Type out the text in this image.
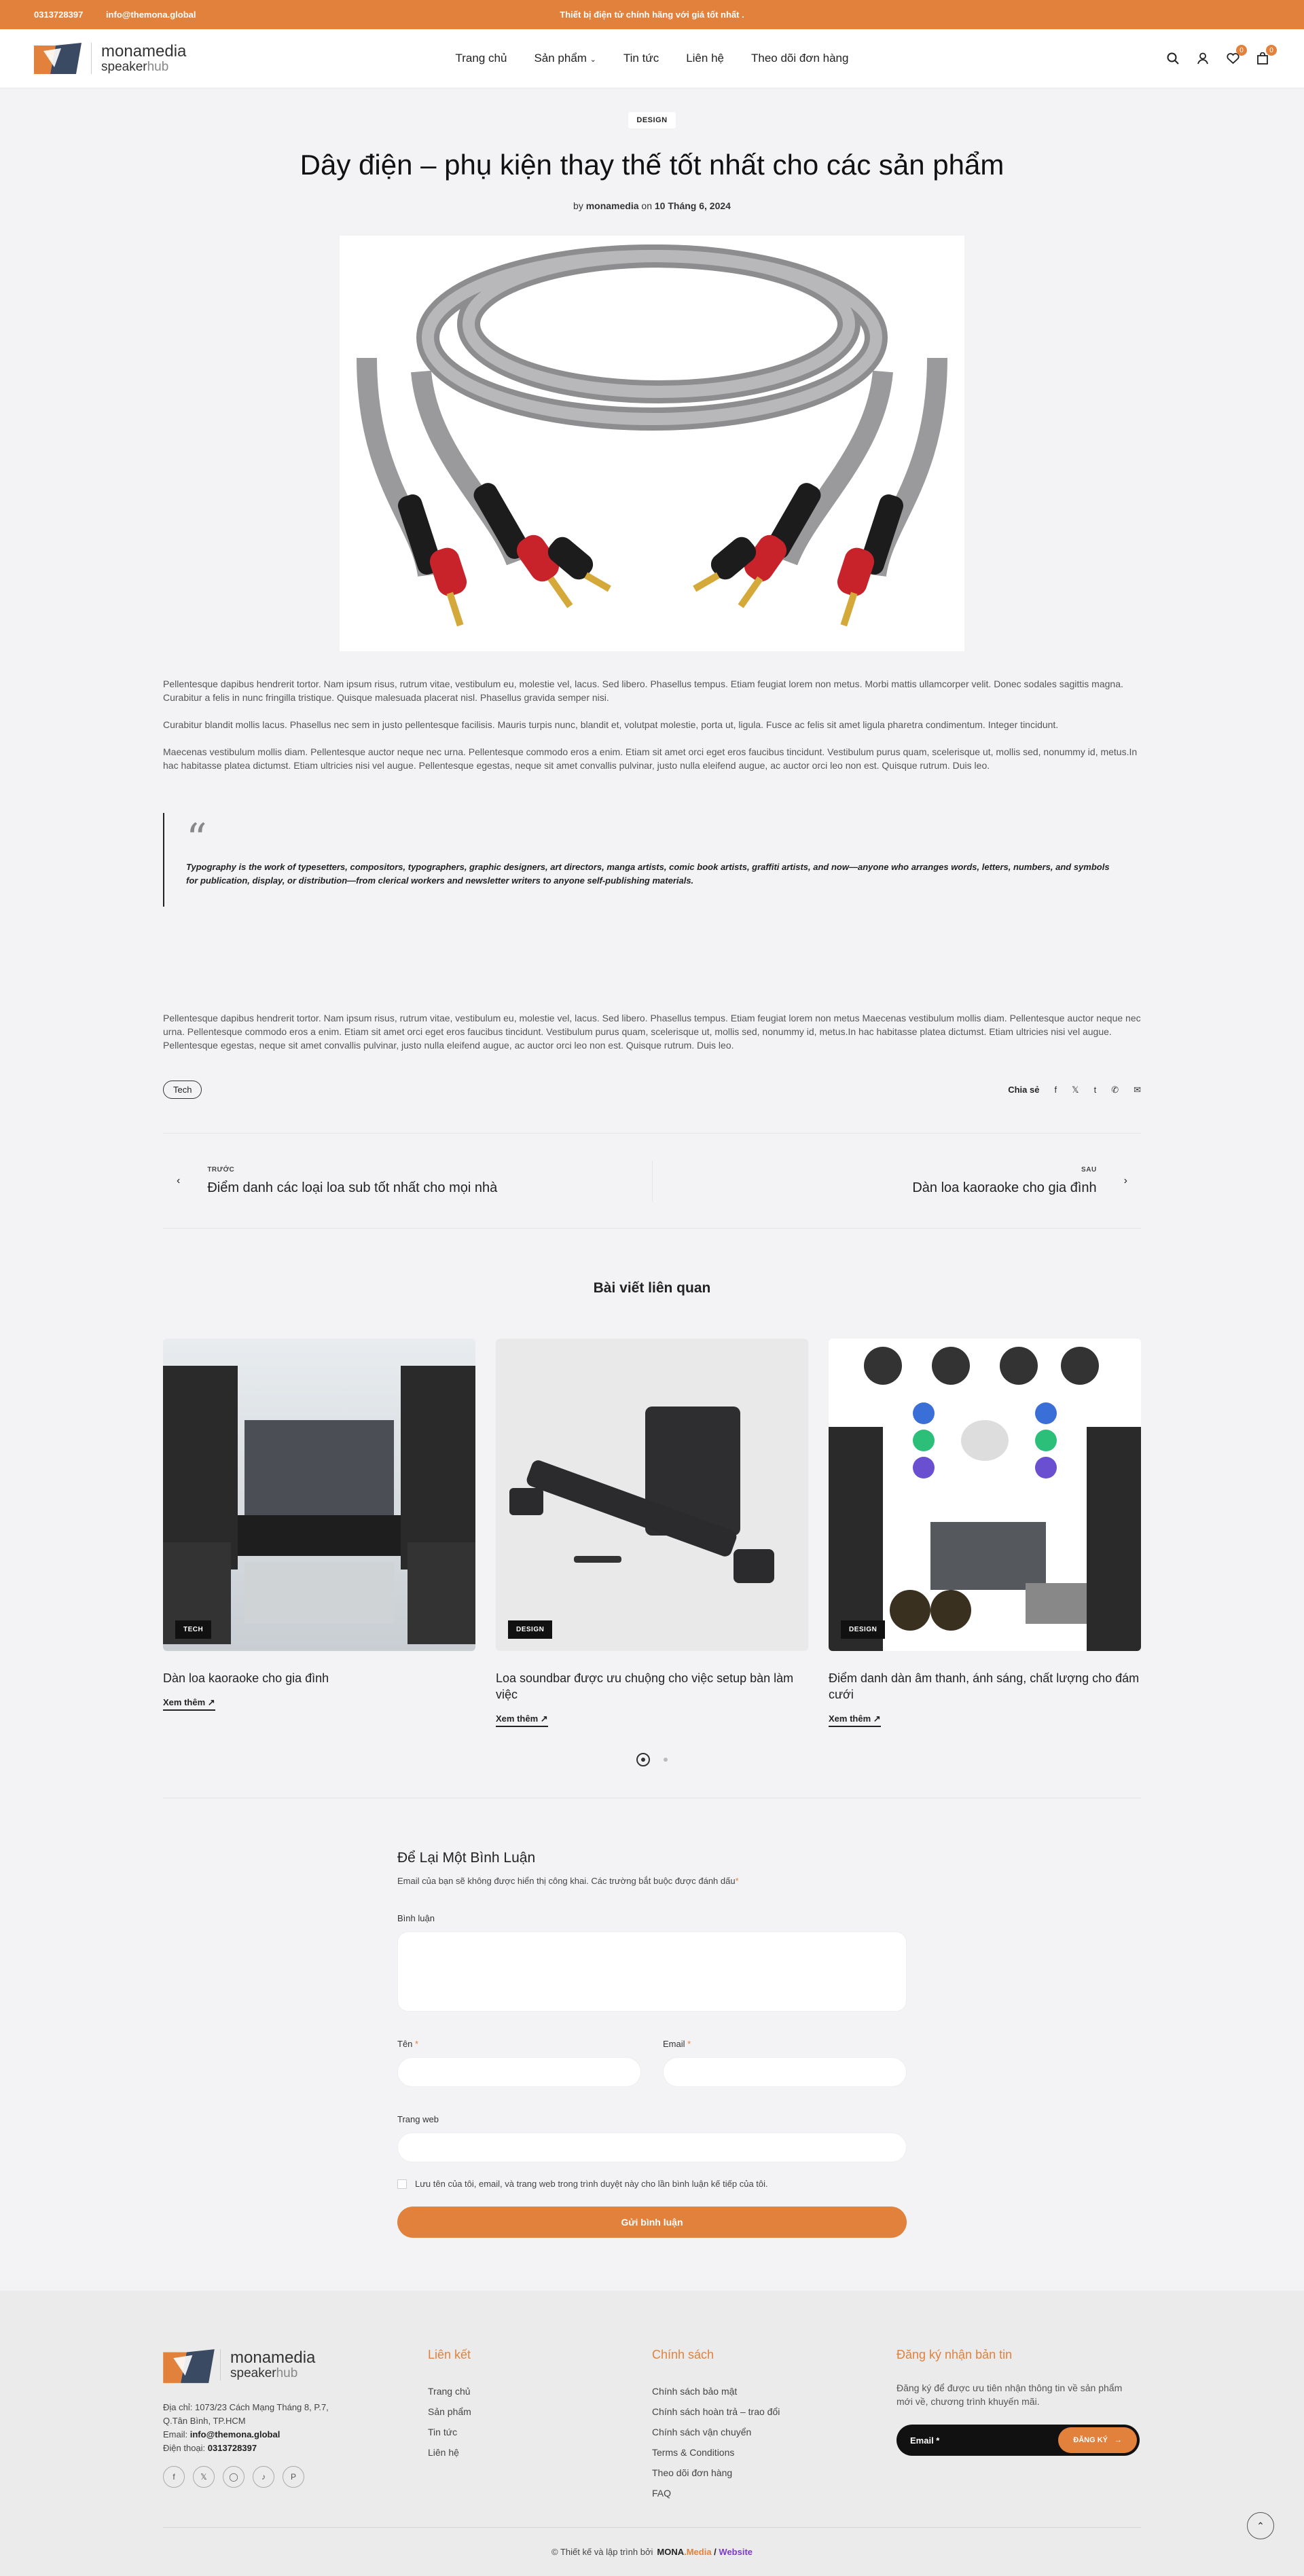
0313728397	info@themona.global	Thiết bị điện tử chính hãng với giá tốt nhất .
monamedia
speakerhub
Trang chủ Sản phẩm ⌄ Tin tức Liên hệ Theo dõi đơn hàng
0	0
DESIGN
Dây điện – phụ kiện thay thế tốt nhất cho các sản phẩm
by monamedia on 10 Tháng 6, 2024

Pellentesque dapibus hendrerit tortor. Nam ipsum risus, rutrum vitae, vestibulum eu, molestie vel, lacus. Sed libero. Phasellus tempus. Etiam feugiat lorem non metus. Morbi mattis ullamcorper velit. Donec sodales sagittis magna. Curabitur a felis in nunc fringilla tristique. Quisque malesuada placerat nisl. Phasellus gravida semper nisi.

Curabitur blandit mollis lacus. Phasellus nec sem in justo pellentesque facilisis. Mauris turpis nunc, blandit et, volutpat molestie, porta ut, ligula. Fusce ac felis sit amet ligula pharetra condimentum. Integer tincidunt.

Maecenas vestibulum mollis diam. Pellentesque auctor neque nec urna. Pellentesque commodo eros a enim. Etiam sit amet orci eget eros faucibus tincidunt. Vestibulum purus quam, scelerisque ut, mollis sed, nonummy id, metus.In hac habitasse platea dictumst. Etiam ultricies nisi vel augue. Pellentesque egestas, neque sit amet convallis pulvinar, justo nulla eleifend augue, ac auctor orci leo non est. Quisque rutrum. Duis leo.

“

Typography is the work of typesetters, compositors, typographers, graphic designers, art directors, manga artists, comic book artists, graffiti artists, and now—anyone who arranges words, letters, numbers, and symbols for publication, display, or distribution—from clerical workers and newsletter writers to anyone self-publishing materials.

Pellentesque dapibus hendrerit tortor. Nam ipsum risus, rutrum vitae, vestibulum eu, molestie vel, lacus. Sed libero. Phasellus tempus. Etiam feugiat lorem non metus Maecenas vestibulum mollis diam. Pellentesque auctor neque nec urna. Pellentesque commodo eros a enim. Etiam sit amet orci eget eros faucibus tincidunt. Vestibulum purus quam, scelerisque ut, mollis sed, nonummy id, metus.In hac habitasse platea dictumst. Etiam ultricies nisi vel augue. Pellentesque egestas, neque sit amet convallis pulvinar, justo nulla eleifend augue, ac auctor orci leo non est. Quisque rutrum. Duis leo.

Tech	Chia sẻ f 𝕏 t ✆ ✉
‹
TRƯỚC
Điểm danh các loại loa sub tốt nhất cho mọi nhà
SAU
Dàn loa kaoraoke cho gia đình	›
Bài viết liên quan
TECH
Dàn loa kaoraoke cho gia đình
Xem thêm ↗
DESIGN
Loa soundbar được ưu chuộng cho việc setup bàn làm việc
Xem thêm ↗
DESIGN
Điểm danh dàn âm thanh, ánh sáng, chất lượng cho đám cưới
Xem thêm ↗
Để Lại Một Bình Luận
Email của bạn sẽ không được hiển thị công khai. Các trường bắt buộc được đánh dấu*
Bình luận
Tên *	Email *
Trang web
Lưu tên của tôi, email, và trang web trong trình duyệt này cho lần bình luận kế tiếp của tôi.
Gửi bình luận
monamedia
speakerhub
Địa chỉ: 1073/23 Cách Mạng Tháng 8, P.7, Q.Tân Bình, TP.HCM
Email: info@themona.global
Điện thoại: 0313728397
f	𝕏	◯	♪	P
Liên kết
Trang chủ
Sản phẩm
Tin tức
Liên hệ
Chính sách
Chính sách bảo mật
Chính sách hoàn trả – trao đổi
Chính sách vận chuyển
Terms & Conditions
Theo dõi đơn hàng
FAQ
Đăng ký nhận bản tin

Đăng ký để được ưu tiên nhận thông tin về sản phẩm mới về, chương trình khuyến mãi.

Email *	ĐĂNG KÝ →
© Thiết kế và lập trình bởi MONA.Media / Website
⌃
